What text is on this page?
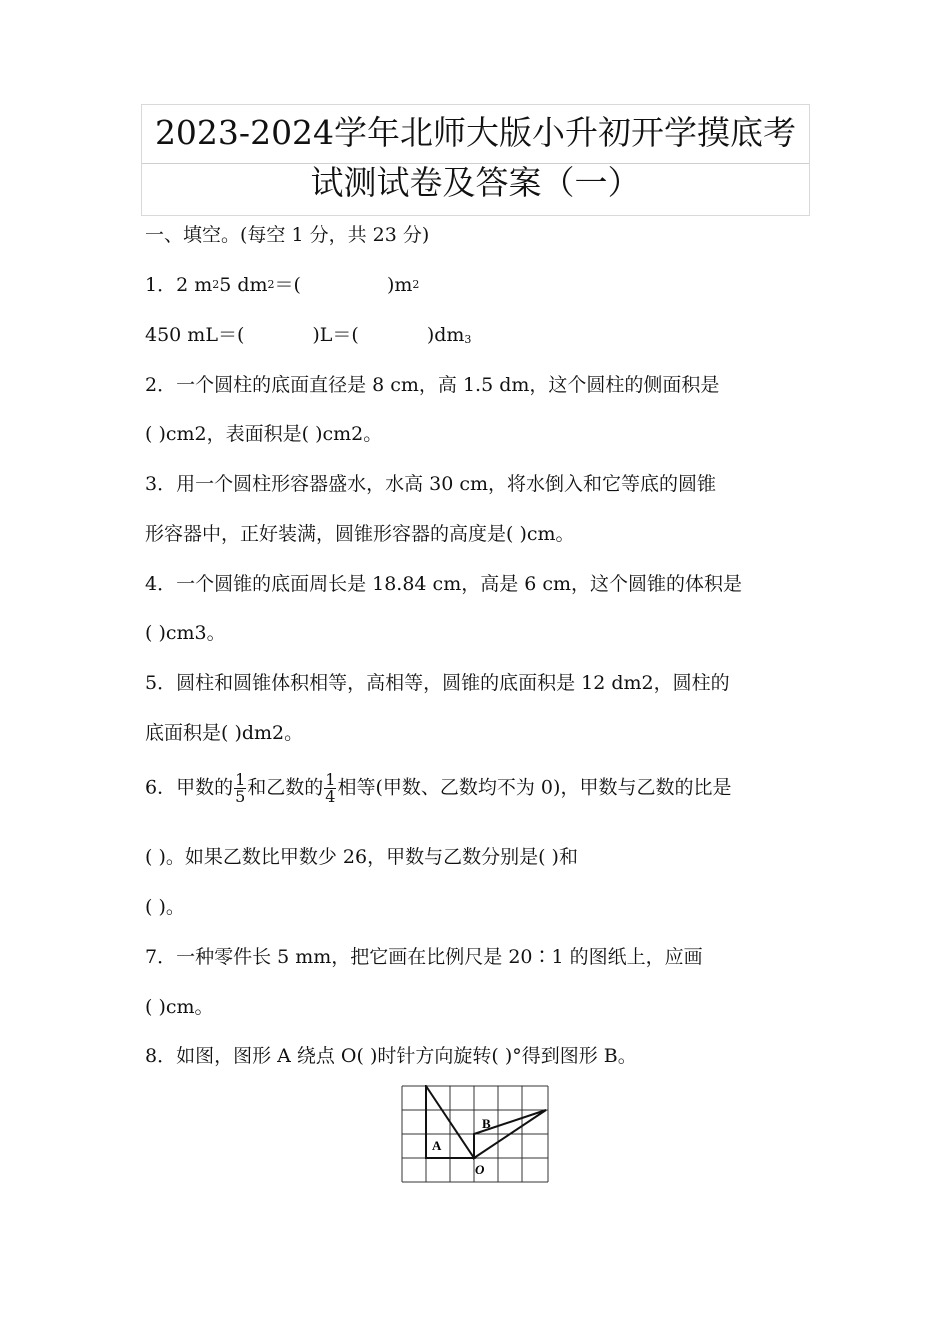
2023-2024学年北师大版小升初开学摸底考
试测试卷及答案（一）
一、填空。(每空 1 分，共 23 分)
1．2 $m^25$ $dm^2=$(	)$m^2$
450 mL＝(	)L＝(	)$dm_3$
2．一个圆柱的底面直径是 8 cm，高 1.5 dm，这个圆柱的侧面积是
( )cm2，表面积是( )cm2。
3．用一个圆柱形容器盛水，水高 30 cm，将水倒入和它等底的圆锥
形容器中，正好装满，圆锥形容器的高度是( )cm。
4．一个圆锥的底面周长是 18.84 cm，高是 6 cm，这个圆锥的体积是
( )cm3。
5．圆柱和圆锥体积相等，高相等，圆锥的底面积是 12 dm2，圆柱的
底面积是( )dm2。
6．甲数的 $\frac{1}{5}$ 和乙数的 $\frac{1}{4}$ 相等(甲数、乙数均不为 0)，甲数与乙数的比是
( )。如果乙数比甲数少 26，甲数与乙数分别是( )和
( )。
7．一种零件长 5 mm，把它画在比例尺是 20∶1 的图纸上，应画
( )cm。
8．如图，图形 A 绕点 O( )时针方向旋转( )°得到图形 B。
A
B
O
